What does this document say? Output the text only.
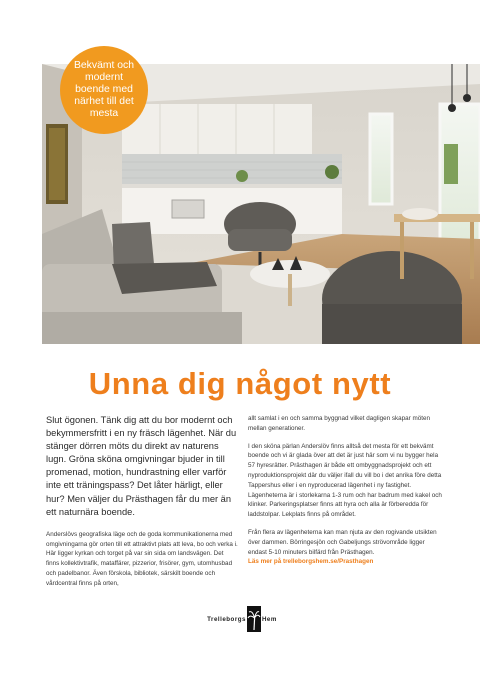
Bekvämt och modernt boende med närhet till det mesta
Unna dig något nytt

Slut ögonen. Tänk dig att du bor modernt och bekymmersfritt i en ny fräsch lägenhet. När du stänger dörren möts du direkt av naturens lugn. Gröna sköna omgivningar bjuder in till promenad, motion, hundrastning eller varför inte ett träningspass? Det låter härligt, eller hur? Men väljer du Prästhagen får du mer än ett naturnära boende.

Anderslövs geografiska läge och de goda kommunikationerna med omgivningarna gör orten till ett attraktivt plats att leva, bo och verka i. Här ligger kyrkan och torget på var sin sida om landsvägen. Det finns kollektivtrafik, mataffärer, pizzerior, frisörer, gym, utomhusbad och padelbanor. Även förskola, bibliotek, särskilt boende och vårdcentral finns på orten,

allt samlat i en och samma byggnad vilket dagligen skapar möten mellan generationer.

I den sköna pärlan Anderslöv finns alltså det mesta för ett bekvämt boende och vi är glada över att det är just här som vi nu bygger hela 57 hyresrätter. Prästhagen är både ett ombyggnadsprojekt och ett nyproduktionsprojekt där du väljer ifall du vill bo i det anrika före detta Tappershus eller i en nyproducerad lägenhet i ny fastighet. Lägenheterna är i storlekarna 1-3 rum och har badrum med kakel och klinker. Parkeringsplatser finns att hyra och alla är förberedda för laddstolpar. Lekplats finns på området.

Från flera av lägenheterna kan man njuta av den rogivande utsikten över dammen. Börringesjön och Gabeljungs strövområde ligger endast 5-10 minuters bilfärd från Prästhagen.

Läs mer på trelleborgshem.se/Prasthagen
Trelleborgs	Hem
